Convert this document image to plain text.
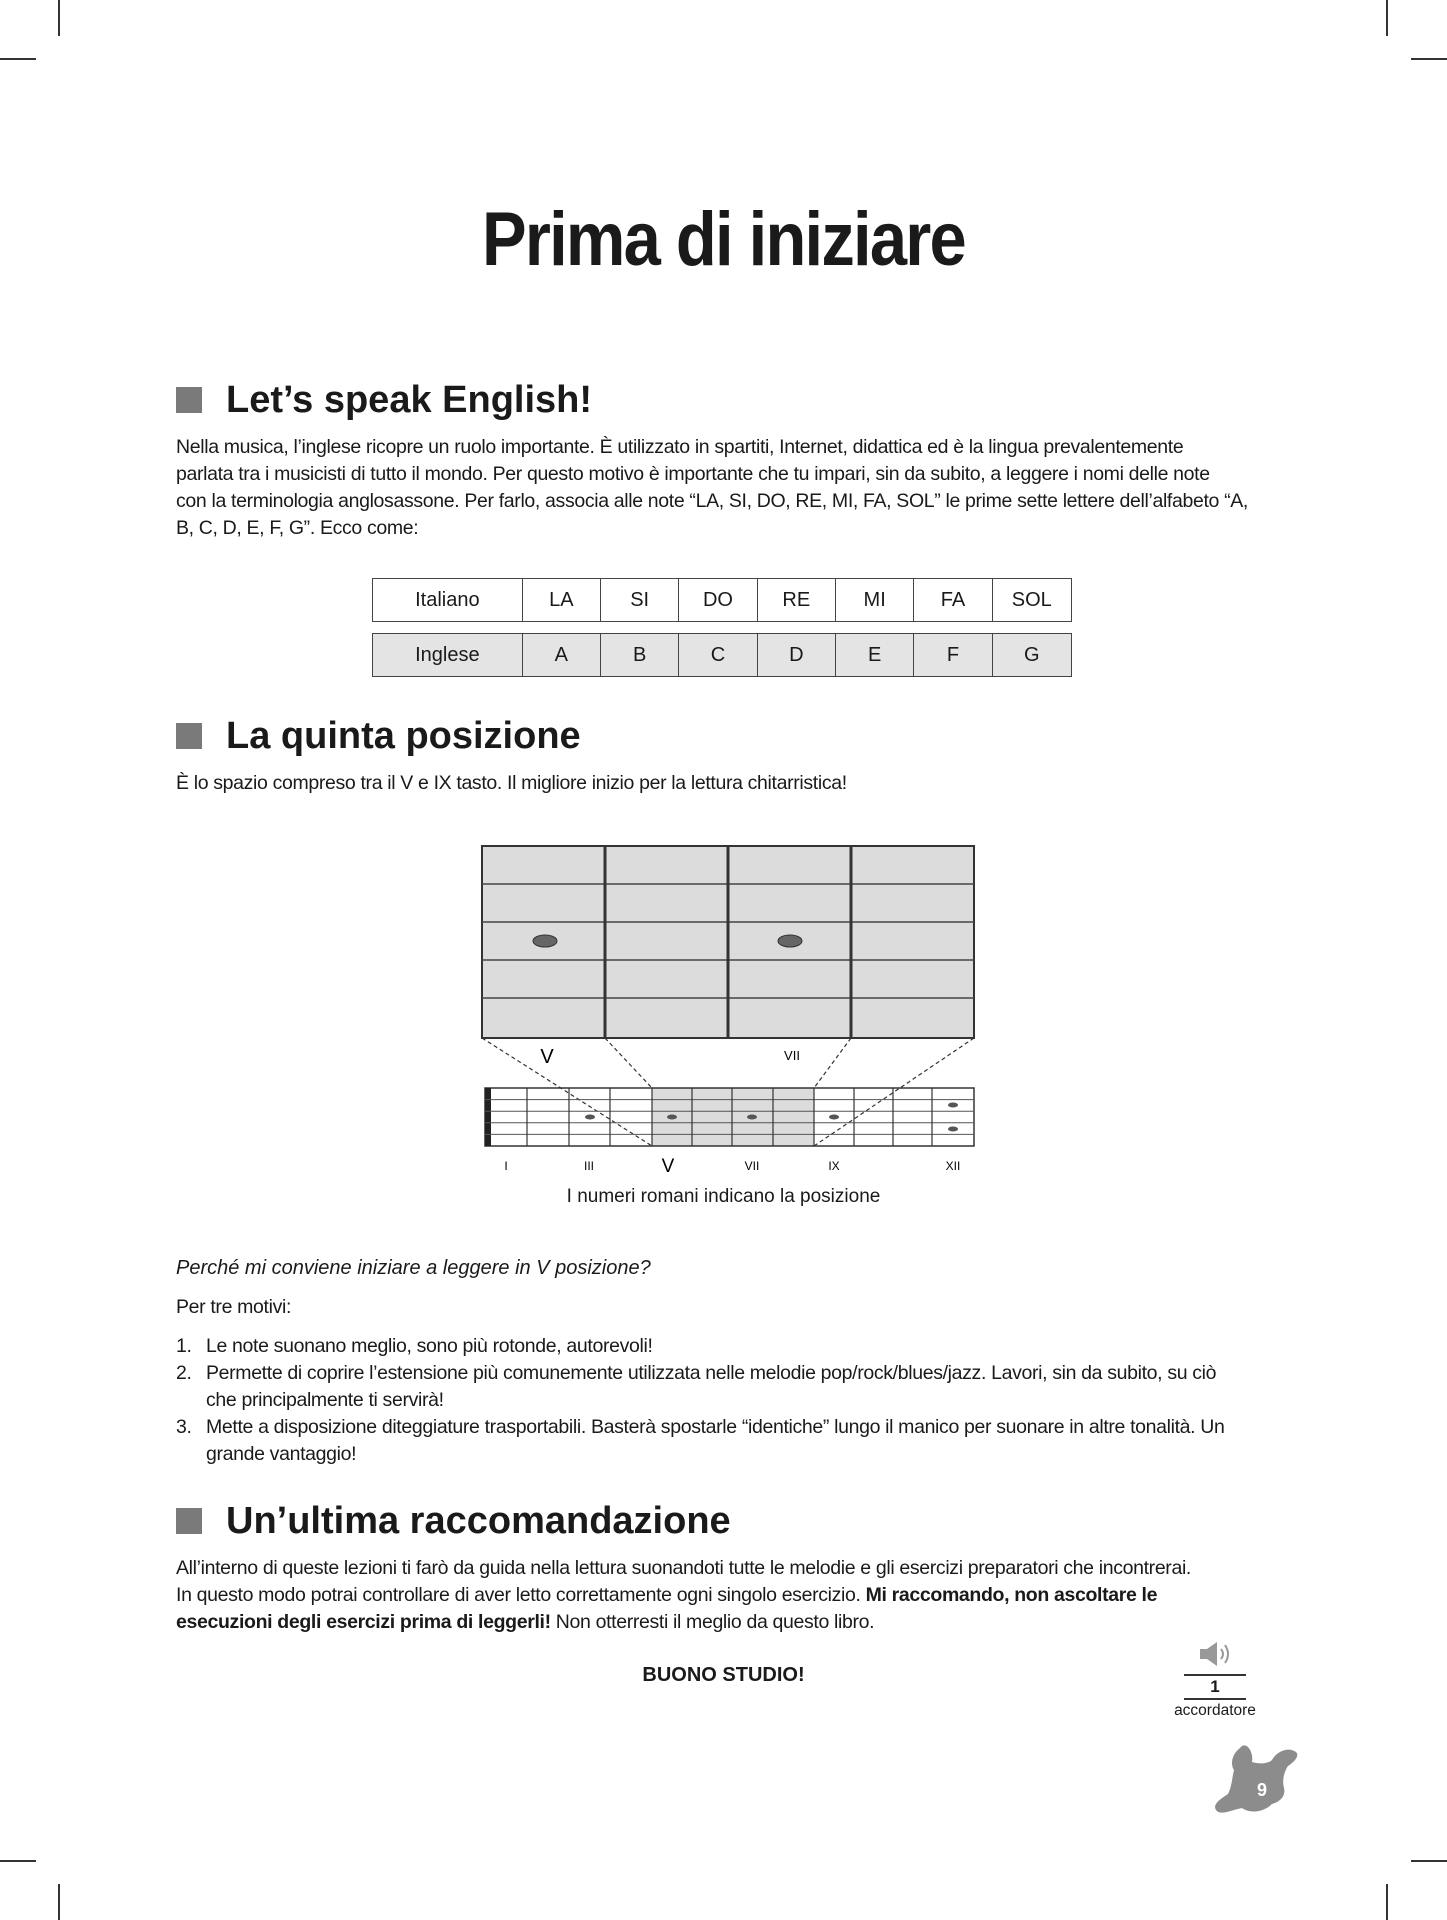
Prima di iniziare
Let’s speak English!
Nella musica, l’inglese ricopre un ruolo importante. È utilizzato in spartiti, Internet, didattica ed è la lingua prevalentemente
parlata tra i musicisti di tutto il mondo. Per questo motivo è importante che tu impari, sin da subito, a leggere i nomi delle note
con la terminologia anglosassone. Per farlo, associa alle note “LA, SI, DO, RE, MI, FA, SOL” le prime sette lettere dell’alfabeto “A,
B, C, D, E, F, G”. Ecco come:
Italiano	LA	SI	DO	RE	MI	FA	SOL
Inglese	A	B	C	D	E	F	G
La quinta posizione
È lo spazio compreso tra il V e IX tasto. Il migliore inizio per la lettura chitarristica!
V	VII
I	III	V	VII	IX	XII
I numeri romani indicano la posizione
Perché mi conviene iniziare a leggere in V posizione?
Per tre motivi:
1. Le note suonano meglio, sono più rotonde, autorevoli!
2. Permette di coprire l’estensione più comunemente utilizzata nelle melodie pop/rock/blues/jazz. Lavori, sin da subito, su ciò
che principalmente ti servirà!
3. Mette a disposizione diteggiature trasportabili. Basterà spostarle “identiche” lungo il manico per suonare in altre tonalità. Un
grande vantaggio!
Un’ultima raccomandazione
All’interno di queste lezioni ti farò da guida nella lettura suonandoti tutte le melodie e gli esercizi preparatori che incontrerai.
In questo modo potrai controllare di aver letto correttamente ogni singolo esercizio. Mi raccomando, non ascoltare le
esecuzioni degli esercizi prima di leggerli! Non otterresti il meglio da questo libro.
BUONO STUDIO!
1
accordatore
9
